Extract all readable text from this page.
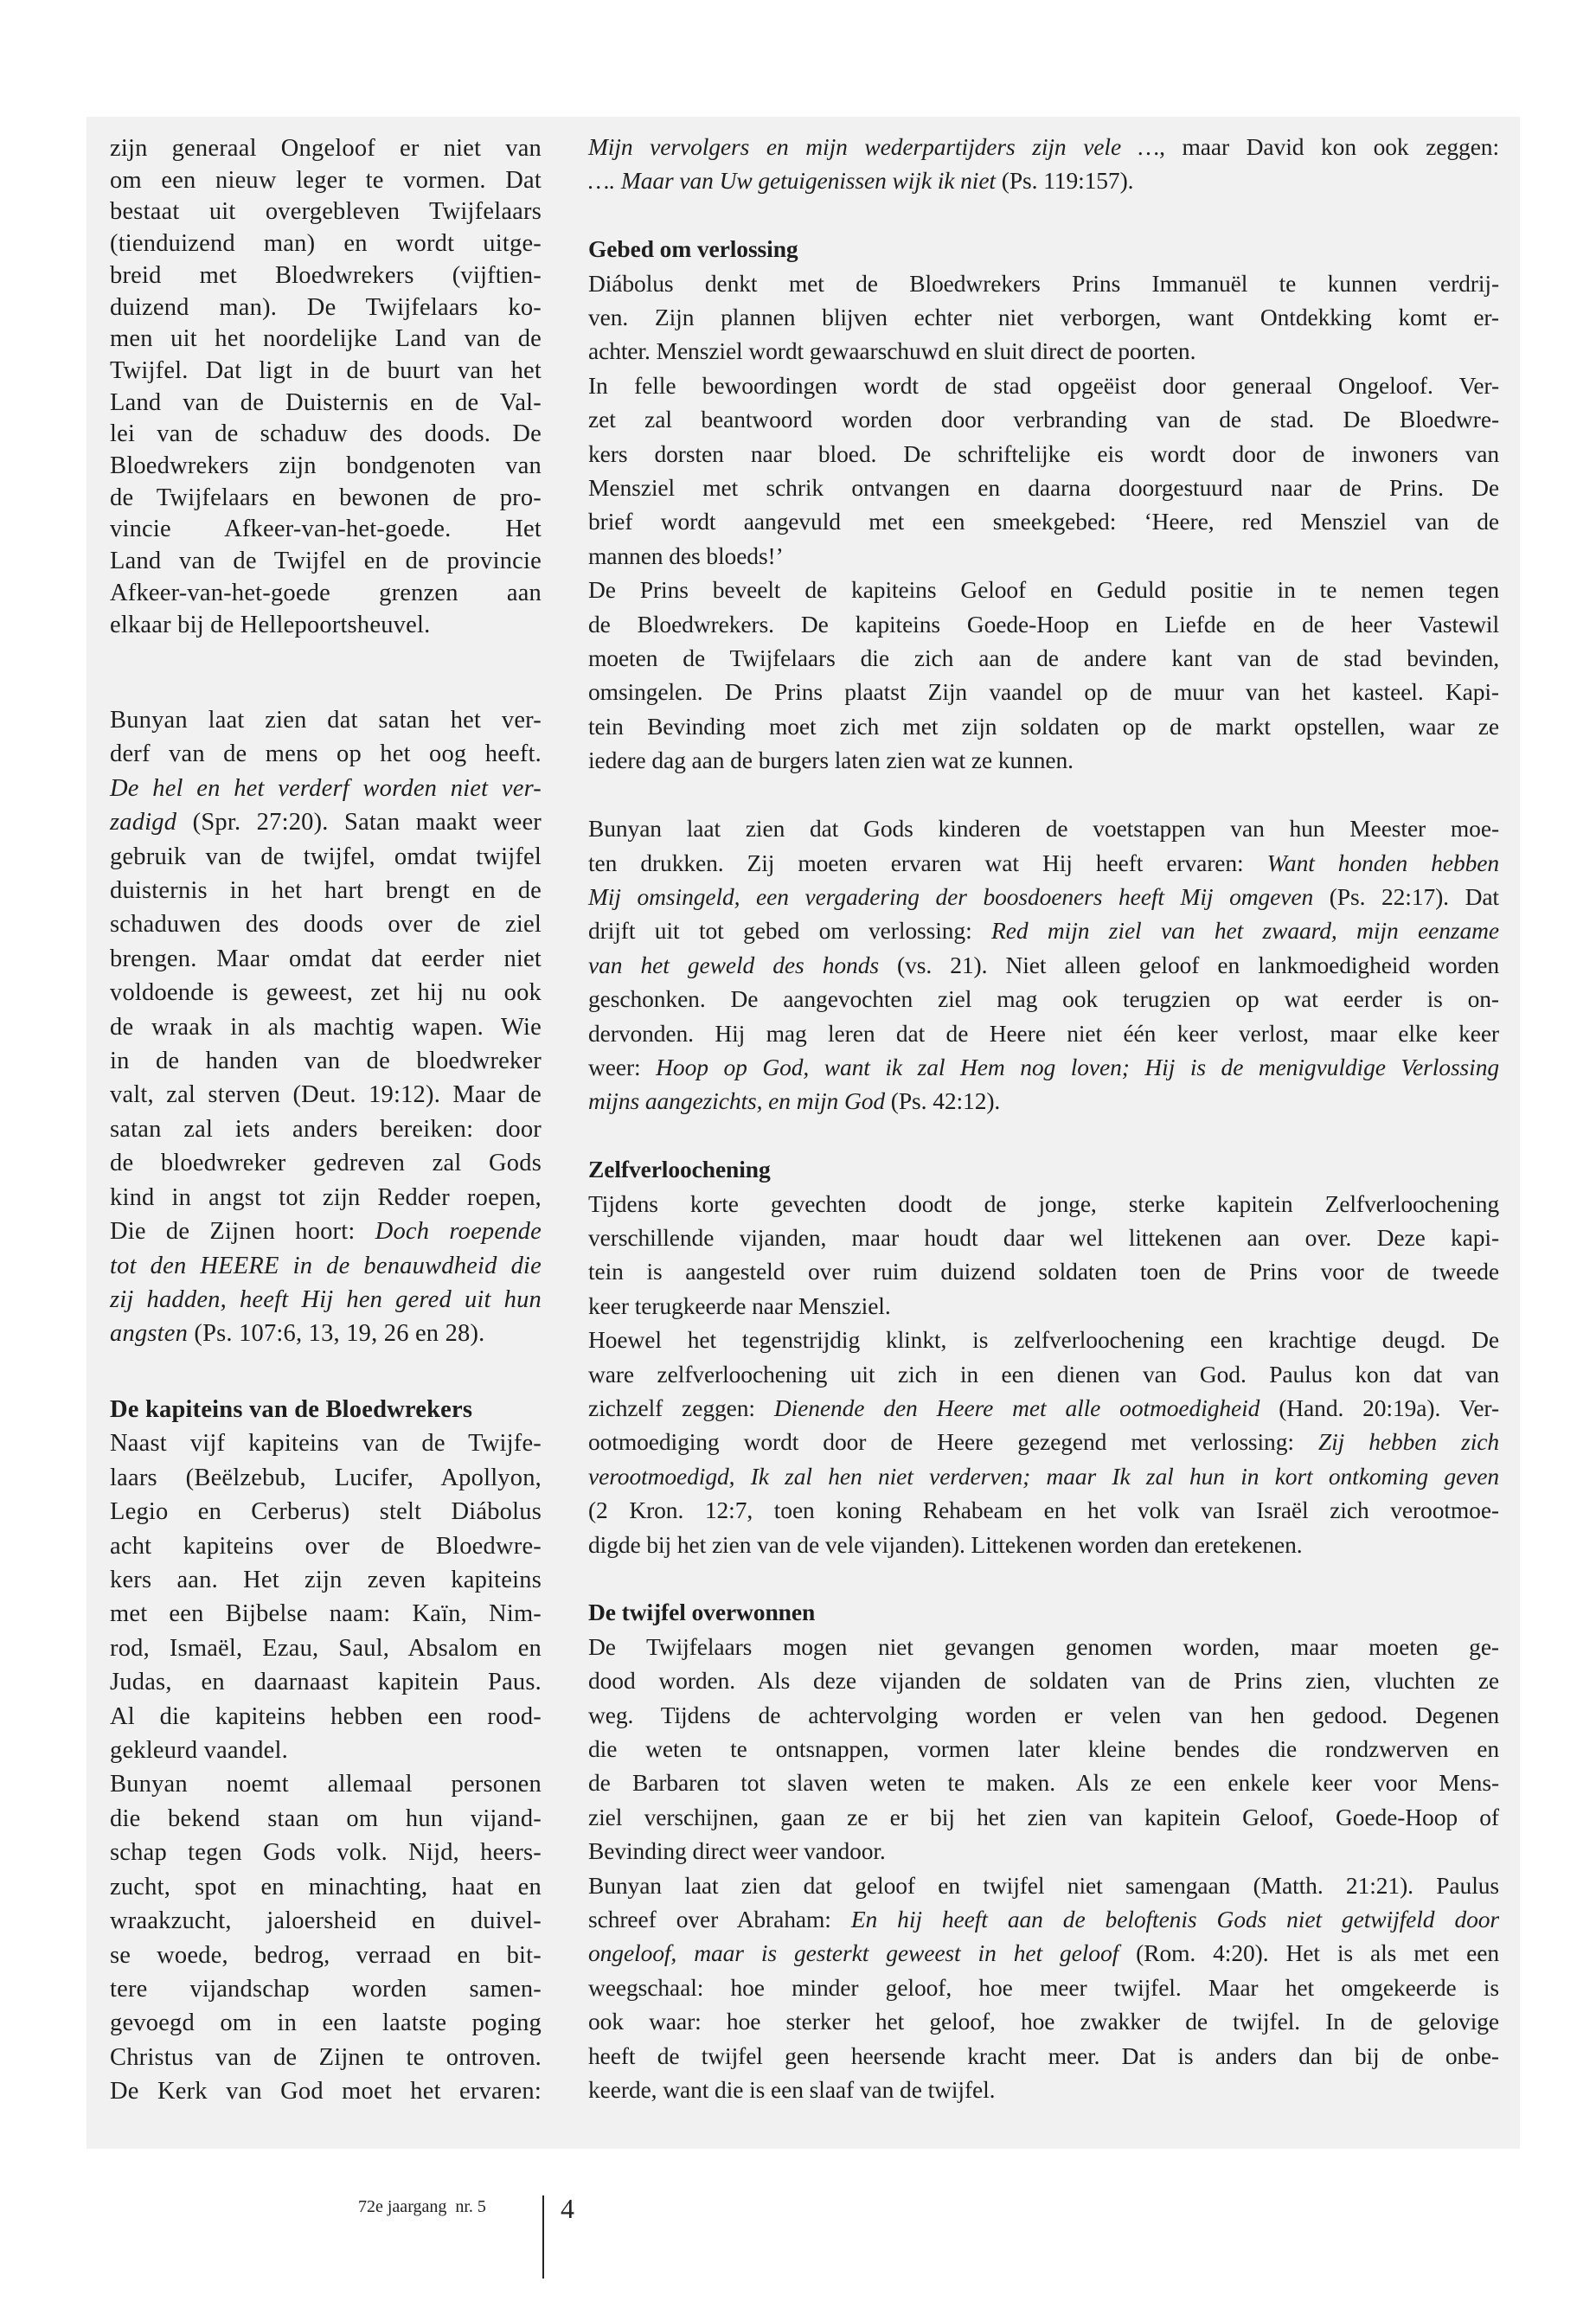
zijn generaal Ongeloof er niet van
om een nieuw leger te vormen. Dat
bestaat uit overgebleven Twijfelaars
(tienduizend man) en wordt uitge-
breid met Bloedwrekers (vijftien-
duizend man). De Twijfelaars ko-
men uit het noordelijke Land van de
Twijfel. Dat ligt in de buurt van het
Land van de Duisternis en de Val-
lei van de schaduw des doods. De
Bloedwrekers zijn bondgenoten van
de Twijfelaars en bewonen de pro-
vincie Afkeer-van-het-goede. Het
Land van de Twijfel en de provincie
Afkeer-van-het-goede grenzen aan
elkaar bij de Hellepoortsheuvel.
Bunyan laat zien dat satan het ver-
derf van de mens op het oog heeft.
De hel en het verderf worden niet ver-
zadigd (Spr. 27:20). Satan maakt weer
gebruik van de twijfel, omdat twijfel
duisternis in het hart brengt en de
schaduwen des doods over de ziel
brengen. Maar omdat dat eerder niet
voldoende is geweest, zet hij nu ook
de wraak in als machtig wapen. Wie
in de handen van de bloedwreker
valt, zal sterven (Deut. 19:12). Maar de
satan zal iets anders bereiken: door
de bloedwreker gedreven zal Gods
kind in angst tot zijn Redder roepen,
Die de Zijnen hoort: Doch roepende
tot den HEERE in de benauwdheid die
zij hadden, heeft Hij hen gered uit hun
angsten (Ps. 107:6, 13, 19, 26 en 28).
De kapiteins van de Bloedwrekers
Naast vijf kapiteins van de Twijfe-
laars (Beëlzebub, Lucifer, Apollyon,
Legio en Cerberus) stelt Diábolus
acht kapiteins over de Bloedwre-
kers aan. Het zijn zeven kapiteins
met een Bijbelse naam: Kaïn, Nim-
rod, Ismaël, Ezau, Saul, Absalom en
Judas, en daarnaast kapitein Paus.
Al die kapiteins hebben een rood-
gekleurd vaandel.
Bunyan noemt allemaal personen
die bekend staan om hun vijand-
schap tegen Gods volk. Nijd, heers-
zucht, spot en minachting, haat en
wraakzucht, jaloersheid en duivel-
se woede, bedrog, verraad en bit-
tere vijandschap worden samen-
gevoegd om in een laatste poging
Christus van de Zijnen te ontroven.
De Kerk van God moet het ervaren:
Mijn vervolgers en mijn wederpartijders zijn vele …, maar David kon ook zeggen:
…. Maar van Uw getuigenissen wijk ik niet (Ps. 119:157).
Gebed om verlossing
Diábolus denkt met de Bloedwrekers Prins Immanuël te kunnen verdrij-
ven. Zijn plannen blijven echter niet verborgen, want Ontdekking komt er-
achter. Mensziel wordt gewaarschuwd en sluit direct de poorten.
In felle bewoordingen wordt de stad opgeëist door generaal Ongeloof. Ver-
zet zal beantwoord worden door verbranding van de stad. De Bloedwre-
kers dorsten naar bloed. De schriftelijke eis wordt door de inwoners van
Mensziel met schrik ontvangen en daarna doorgestuurd naar de Prins. De
brief wordt aangevuld met een smeekgebed: ‘Heere, red Mensziel van de
mannen des bloeds!’
De Prins beveelt de kapiteins Geloof en Geduld positie in te nemen tegen
de Bloedwrekers. De kapiteins Goede-Hoop en Liefde en de heer Vastewil
moeten de Twijfelaars die zich aan de andere kant van de stad bevinden,
omsingelen. De Prins plaatst Zijn vaandel op de muur van het kasteel. Kapi-
tein Bevinding moet zich met zijn soldaten op de markt opstellen, waar ze
iedere dag aan de burgers laten zien wat ze kunnen.
Bunyan laat zien dat Gods kinderen de voetstappen van hun Meester moe-
ten drukken. Zij moeten ervaren wat Hij heeft ervaren: Want honden hebben
Mij omsingeld, een vergadering der boosdoeners heeft Mij omgeven (Ps. 22:17). Dat
drijft uit tot gebed om verlossing: Red mijn ziel van het zwaard, mijn eenzame
van het geweld des honds (vs. 21). Niet alleen geloof en lankmoedigheid worden
geschonken. De aangevochten ziel mag ook terugzien op wat eerder is on-
dervonden. Hij mag leren dat de Heere niet één keer verlost, maar elke keer
weer: Hoop op God, want ik zal Hem nog loven; Hij is de menigvuldige Verlossing
mijns aangezichts, en mijn God (Ps. 42:12).
Zelfverloochening
Tijdens korte gevechten doodt de jonge, sterke kapitein Zelfverloochening
verschillende vijanden, maar houdt daar wel littekenen aan over. Deze kapi-
tein is aangesteld over ruim duizend soldaten toen de Prins voor de tweede
keer terugkeerde naar Mensziel.
Hoewel het tegenstrijdig klinkt, is zelfverloochening een krachtige deugd. De
ware zelfverloochening uit zich in een dienen van God. Paulus kon dat van
zichzelf zeggen: Dienende den Heere met alle ootmoedigheid (Hand. 20:19a). Ver-
ootmoediging wordt door de Heere gezegend met verlossing: Zij hebben zich
verootmoedigd, Ik zal hen niet verderven; maar Ik zal hun in kort ontkoming geven
(2 Kron. 12:7, toen koning Rehabeam en het volk van Israël zich verootmoe-
digde bij het zien van de vele vijanden). Littekenen worden dan eretekenen.
De twijfel overwonnen
De Twijfelaars mogen niet gevangen genomen worden, maar moeten ge-
dood worden. Als deze vijanden de soldaten van de Prins zien, vluchten ze
weg. Tijdens de achtervolging worden er velen van hen gedood. Degenen
die weten te ontsnappen, vormen later kleine bendes die rondzwerven en
de Barbaren tot slaven weten te maken. Als ze een enkele keer voor Mens-
ziel verschijnen, gaan ze er bij het zien van kapitein Geloof, Goede-Hoop of
Bevinding direct weer vandoor.
Bunyan laat zien dat geloof en twijfel niet samengaan (Matth. 21:21). Paulus
schreef over Abraham: En hij heeft aan de beloftenis Gods niet getwijfeld door
ongeloof, maar is gesterkt geweest in het geloof (Rom. 4:20). Het is als met een
weegschaal: hoe minder geloof, hoe meer twijfel. Maar het omgekeerde is
ook waar: hoe sterker het geloof, hoe zwakker de twijfel. In de gelovige
heeft de twijfel geen heersende kracht meer. Dat is anders dan bij de onbe-
keerde, want die is een slaaf van de twijfel.
72e jaargang  nr. 5	4
